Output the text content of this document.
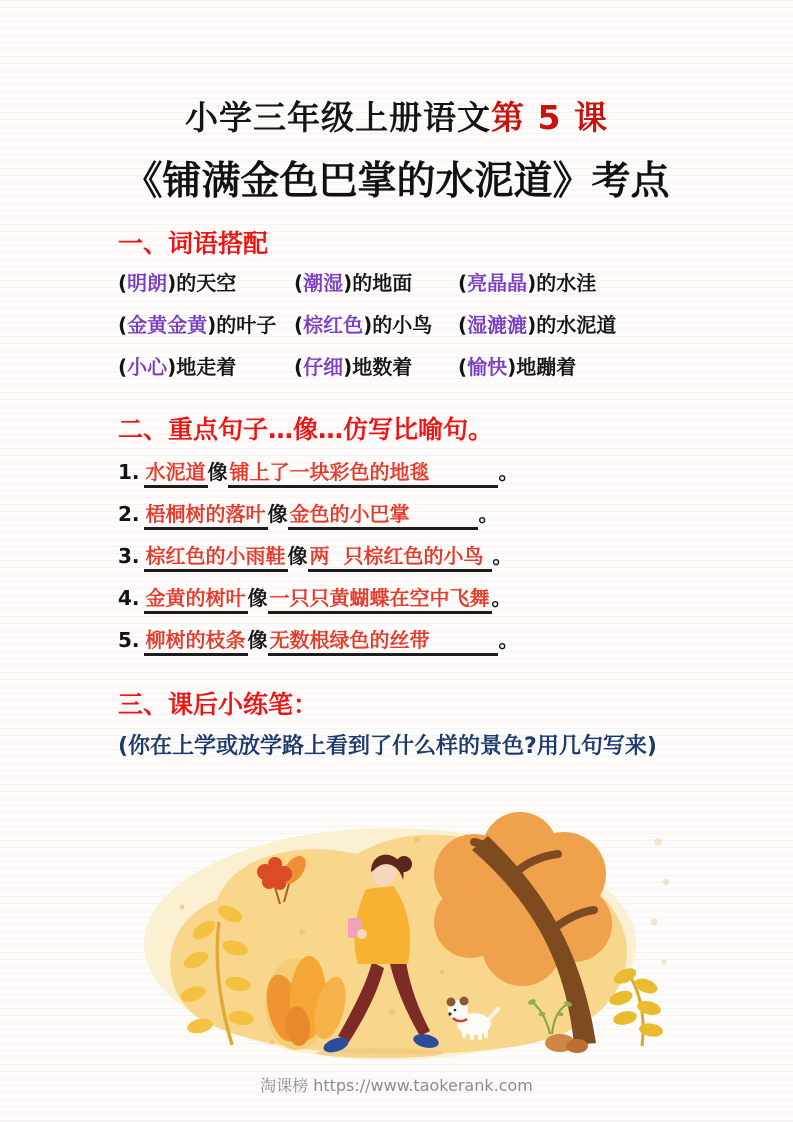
小学三年级上册语文第 5 课
《铺满金色巴掌的水泥道》考点
一、词语搭配
(明朗)的天空	(潮湿)的地面	(亮晶晶)的水洼
(金黄金黄)的叶子 (棕红色)的小鸟	(湿漉漉)的水泥道
(小心)地走着	(仔细)地数着	(愉快)地蹦着
二、重点句子…像…仿写比喻句。
1. 水泥道 像 铺上了一块彩色的地毯　　　	。
2. 梧桐树的落叶 像 金色的小巴掌　　　	。
3. 棕红色的小雨鞋 像 两  只棕红色的小鸟 。
4. 金黄的树叶 像 一只只黄蝴蝶在空中飞舞 。
5. 柳树的枝条 像 无数根绿色的丝带　　　	。
三、课后小练笔：
(你在上学或放学路上看到了什么样的景色?用几句写来)
淘课榜 https://www.taokerank.com
